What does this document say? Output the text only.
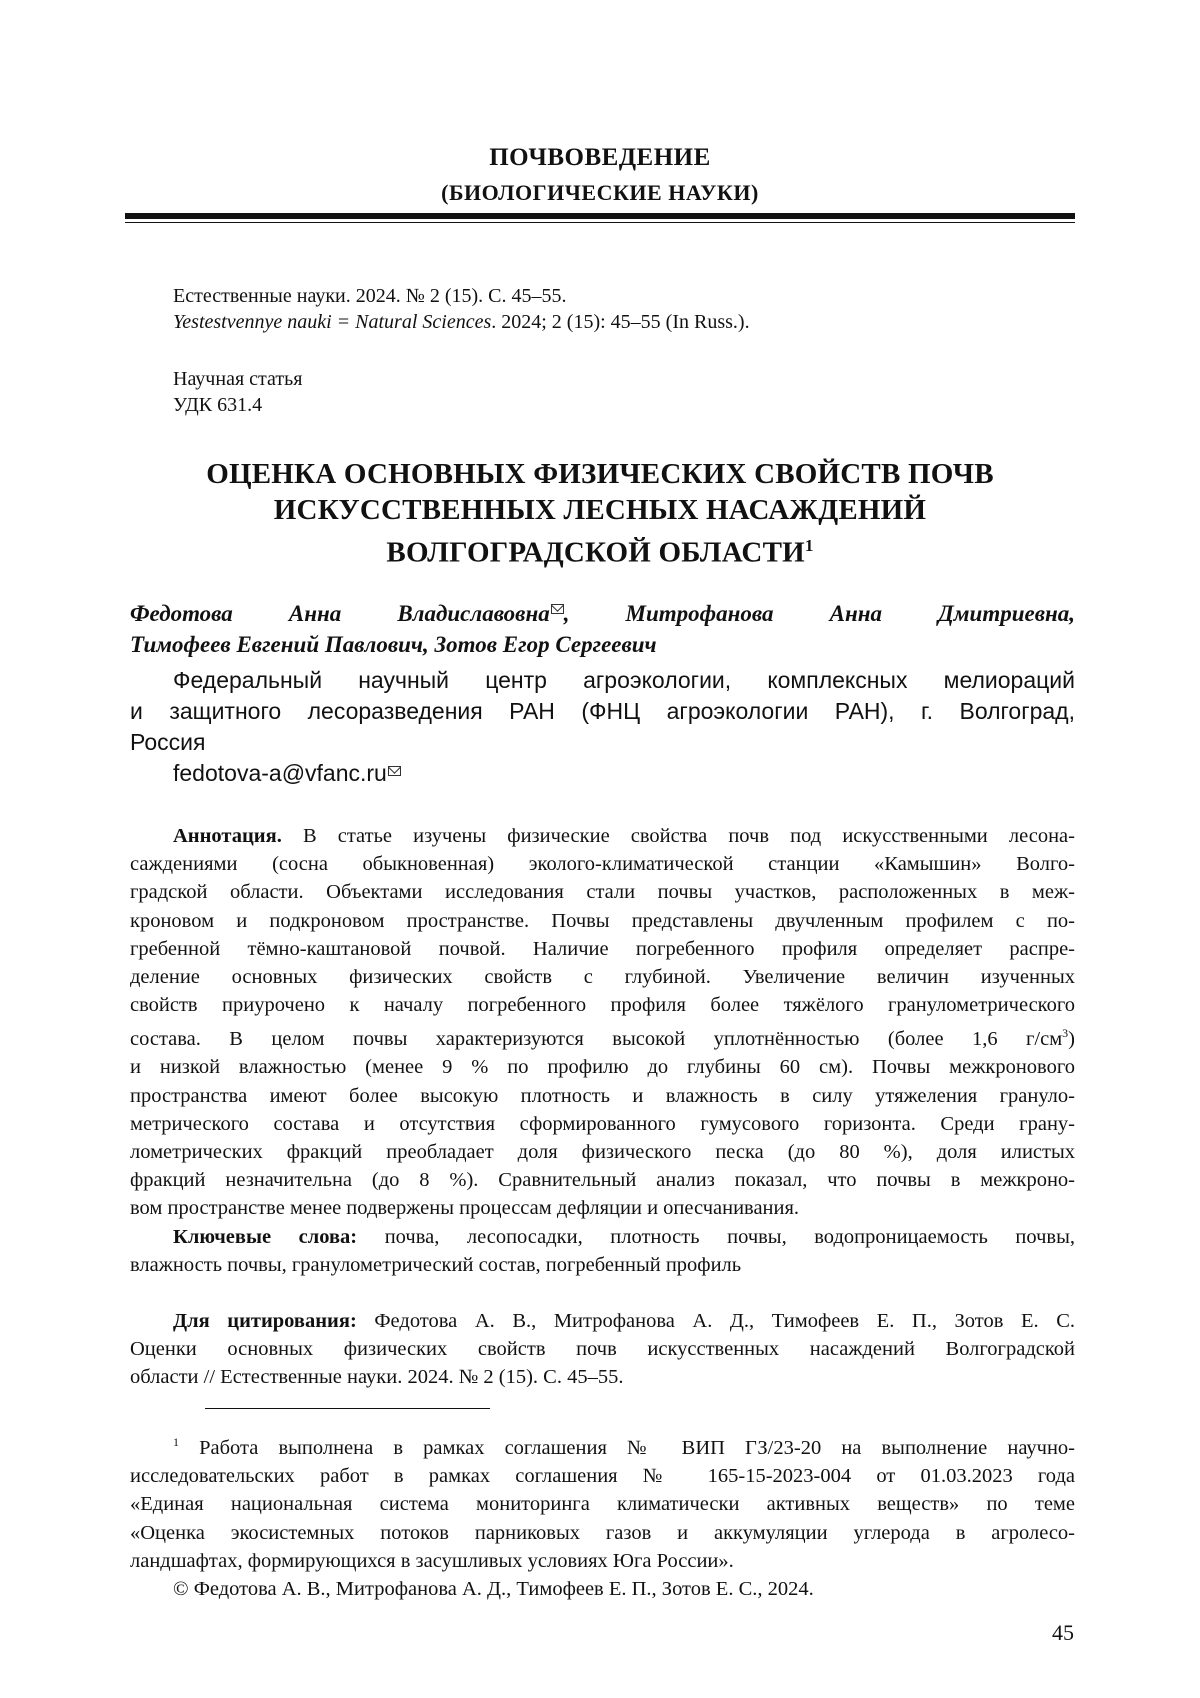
ПОЧВОВЕДЕНИЕ
(БИОЛОГИЧЕСКИЕ НАУКИ)
Естественные науки. 2024. № 2 (15). С. 45–55.
Yestestvennye nauki = Natural Sciences. 2024; 2 (15): 45–55 (In Russ.).
Научная статья
УДК 631.4
ОЦЕНКА ОСНОВНЫХ ФИЗИЧЕСКИХ СВОЙСТВ ПОЧВ
ИСКУССТВЕННЫХ ЛЕСНЫХ НАСАЖДЕНИЙ
ВОЛГОГРАДСКОЙ ОБЛАСТИ$^1$
Федотова Анна Владиславовна , Митрофанова Анна Дмитриевна,
Тимофеев Евгений Павлович, Зотов Егор Сергеевич
Федеральный научный центр агроэкологии, комплексных мелиораций
и защитного лесоразведения РАН (ФНЦ агроэкологии РАН), г. Волгоград,
Россия
fedotova-a@vfanc.ru
Аннотация. В статье изучены физические свойства почв под искусственными лесона-
саждениями (сосна обыкновенная) эколого-климатической станции «Камышин» Волго-
градской области. Объектами исследования стали почвы участков, расположенных в меж-
кроновом и подкроновом пространстве. Почвы представлены двучленным профилем с по-
гребенной тёмно-каштановой почвой. Наличие погребенного профиля определяет распре-
деление основных физических свойств с глубиной. Увеличение величин изученных
свойств приурочено к началу погребенного профиля более тяжёлого гранулометрического
состава. В целом почвы характеризуются высокой уплотнённостью (более 1,6 $г/см^3$)
и низкой влажностью (менее 9 % по профилю до глубины 60 см). Почвы межкронового
пространства имеют более высокую плотность и влажность в силу утяжеления грануло-
метрического состава и отсутствия сформированного гумусового горизонта. Среди грану-
лометрических фракций преобладает доля физического песка (до 80 %), доля илистых
фракций незначительна (до 8 %). Сравнительный анализ показал, что почвы в межкроно-
вом пространстве менее подвержены процессам дефляции и опесчанивания.
Ключевые слова: почва, лесопосадки, плотность почвы, водопроницаемость почвы,
влажность почвы, гранулометрический состав, погребенный профиль
Для цитирования: Федотова А. В., Митрофанова А. Д., Тимофеев Е. П., Зотов Е. С.
Оценки основных физических свойств почв искусственных насаждений Волгоградской
области // Естественные науки. 2024. № 2 (15). С. 45–55.
$^1$ Работа выполнена в рамках соглашения № ВИП ГЗ/23-20 на выполнение научно-
исследовательских работ в рамках соглашения № 165-15-2023-004 от 01.03.2023 года
«Единая национальная система мониторинга климатически активных веществ» по теме
«Оценка экосистемных потоков парниковых газов и аккумуляции углерода в агролесо-
ландшафтах, формирующихся в засушливых условиях Юга России».
© Федотова А. В., Митрофанова А. Д., Тимофеев Е. П., Зотов Е. С., 2024.
45
